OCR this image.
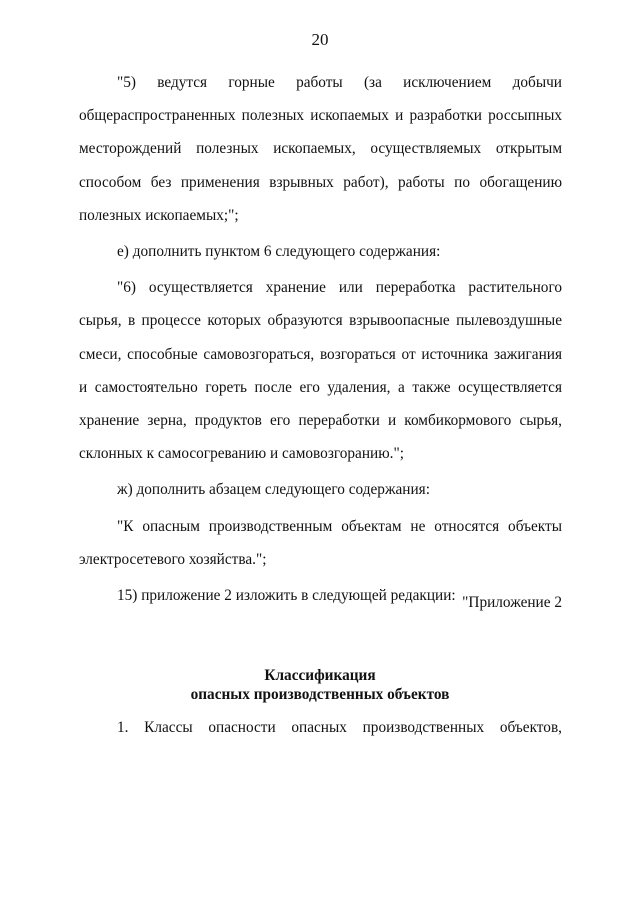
20

"5) ведутся горные работы (за исключением добычи общераспространенных полезных ископаемых и разработки россыпных месторождений полезных ископаемых, осуществляемых открытым способом без применения взрывных работ), работы по обогащению полезных ископаемых;";

е) дополнить пунктом 6 следующего содержания:

"6) осуществляется хранение или переработка растительного сырья, в процессе которых образуются взрывоопасные пылевоздушные смеси, способные самовозгораться, возгораться от источника зажигания и самостоятельно гореть после его удаления, а также осуществляется хранение зерна, продуктов его переработки и комбикормового сырья, склонных к самосогреванию и самовозгоранию.";

ж) дополнить абзацем следующего содержания:

"К опасным производственным объектам не относятся объекты электросетевого хозяйства.";

15) приложение 2 изложить в следующей редакции: "Приложение 2
Классификация
опасных производственных объектов
1. Классы опасности опасных производственных объектов,
